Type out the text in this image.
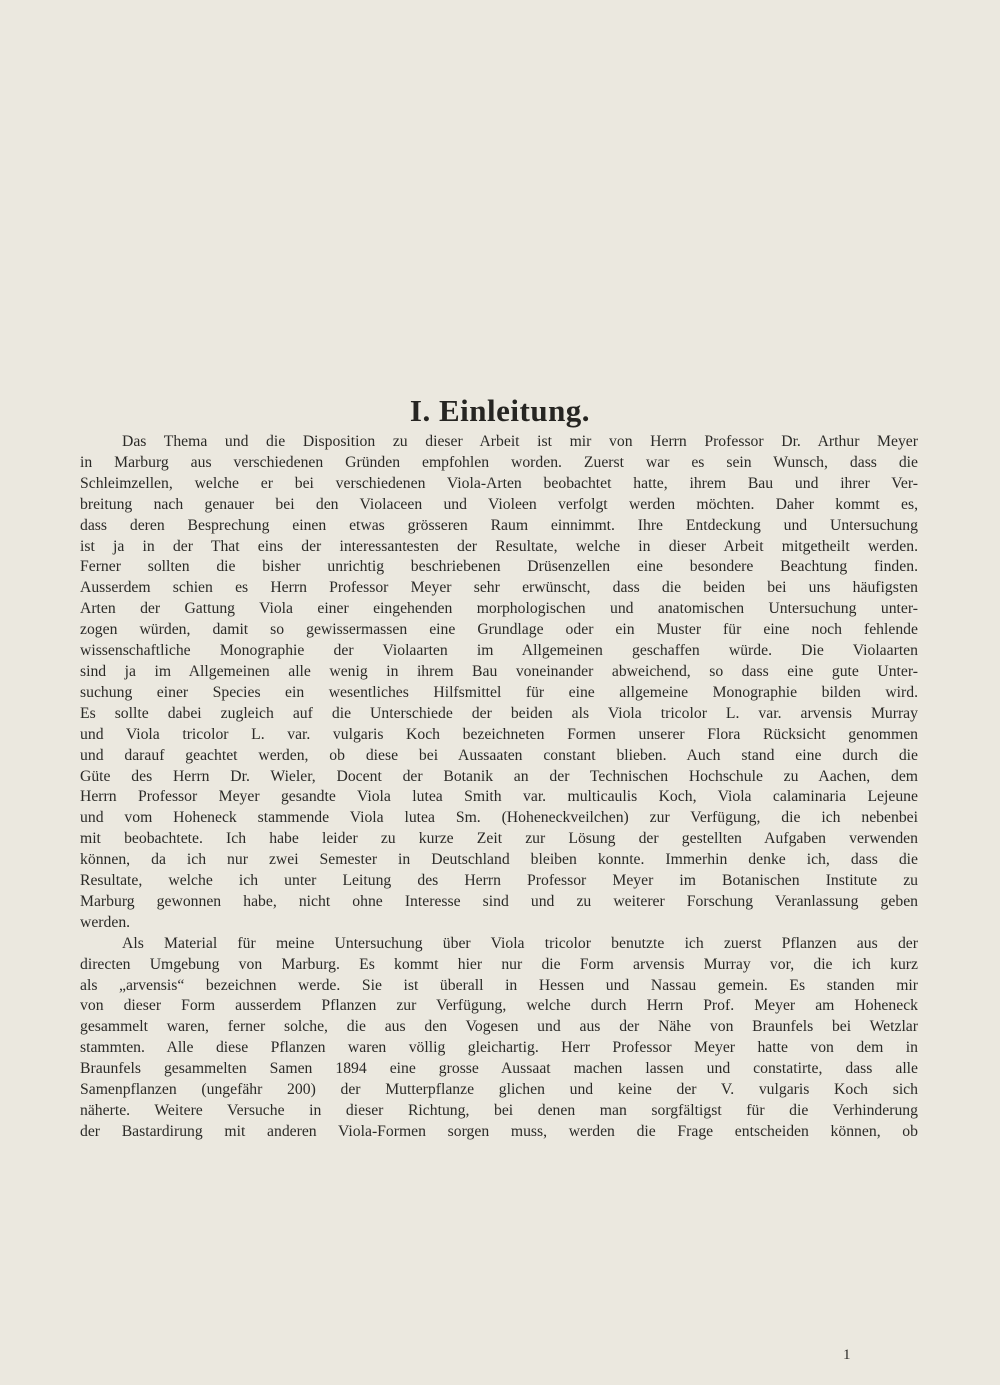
I. Einleitung.
Das Thema und die Disposition zu dieser Arbeit ist mir von Herrn Professor Dr. Arthur Meyer
in Marburg aus verschiedenen Gründen empfohlen worden. Zuerst war es sein Wunsch, dass die
Schleimzellen, welche er bei verschiedenen Viola-Arten beobachtet hatte, ihrem Bau und ihrer Ver-
breitung nach genauer bei den Violaceen und Violeen verfolgt werden möchten. Daher kommt es,
dass deren Besprechung einen etwas grösseren Raum einnimmt. Ihre Entdeckung und Untersuchung
ist ja in der That eins der interessantesten der Resultate, welche in dieser Arbeit mitgetheilt werden.
Ferner sollten die bisher unrichtig beschriebenen Drüsenzellen eine besondere Beachtung finden.
Ausserdem schien es Herrn Professor Meyer sehr erwünscht, dass die beiden bei uns häufigsten
Arten der Gattung Viola einer eingehenden morphologischen und anatomischen Untersuchung unter-
zogen würden, damit so gewissermassen eine Grundlage oder ein Muster für eine noch fehlende
wissenschaftliche Monographie der Violaarten im Allgemeinen geschaffen würde. Die Violaarten
sind ja im Allgemeinen alle wenig in ihrem Bau voneinander abweichend, so dass eine gute Unter-
suchung einer Species ein wesentliches Hilfsmittel für eine allgemeine Monographie bilden wird.
Es sollte dabei zugleich auf die Unterschiede der beiden als Viola tricolor L. var. arvensis Murray
und Viola tricolor L. var. vulgaris Koch bezeichneten Formen unserer Flora Rücksicht genommen
und darauf geachtet werden, ob diese bei Aussaaten constant blieben. Auch stand eine durch die
Güte des Herrn Dr. Wieler, Docent der Botanik an der Technischen Hochschule zu Aachen, dem
Herrn Professor Meyer gesandte Viola lutea Smith var. multicaulis Koch, Viola calaminaria Lejeune
und vom Hoheneck stammende Viola lutea Sm. (Hoheneckveilchen) zur Verfügung, die ich nebenbei
mit beobachtete. Ich habe leider zu kurze Zeit zur Lösung der gestellten Aufgaben verwenden
können, da ich nur zwei Semester in Deutschland bleiben konnte. Immerhin denke ich, dass die
Resultate, welche ich unter Leitung des Herrn Professor Meyer im Botanischen Institute zu
Marburg gewonnen habe, nicht ohne Interesse sind und zu weiterer Forschung Veranlassung geben
werden.
Als Material für meine Untersuchung über Viola tricolor benutzte ich zuerst Pflanzen aus der
directen Umgebung von Marburg. Es kommt hier nur die Form arvensis Murray vor, die ich kurz
als „arvensis“ bezeichnen werde. Sie ist überall in Hessen und Nassau gemein. Es standen mir
von dieser Form ausserdem Pflanzen zur Verfügung, welche durch Herrn Prof. Meyer am Hoheneck
gesammelt waren, ferner solche, die aus den Vogesen und aus der Nähe von Braunfels bei Wetzlar
stammten. Alle diese Pflanzen waren völlig gleichartig. Herr Professor Meyer hatte von dem in
Braunfels gesammelten Samen 1894 eine grosse Aussaat machen lassen und constatirte, dass alle
Samenpflanzen (ungefähr 200) der Mutterpflanze glichen und keine der V. vulgaris Koch sich
näherte. Weitere Versuche in dieser Richtung, bei denen man sorgfältigst für die Verhinderung
der Bastardirung mit anderen Viola-Formen sorgen muss, werden die Frage entscheiden können, ob
1
